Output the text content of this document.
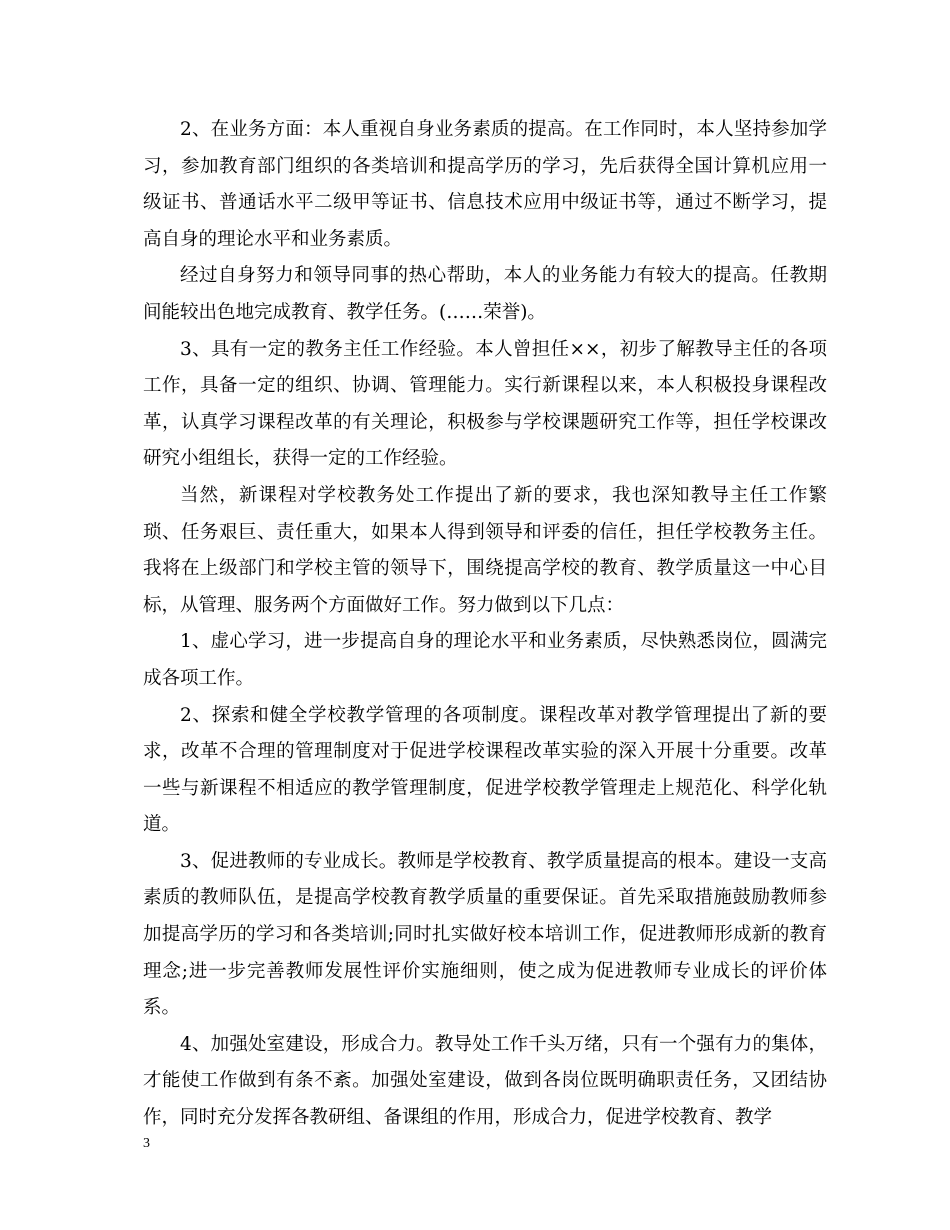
2、在业务方面：本人重视自身业务素质的提高。在工作同时，本人坚持参加学习，参加教育部门组织的各类培训和提高学历的学习，先后获得全国计算机应用一级证书、普通话水平二级甲等证书、信息技术应用中级证书等，通过不断学习，提高自身的理论水平和业务素质。

经过自身努力和领导同事的热心帮助，本人的业务能力有较大的提高。任教期间能较出色地完成教育、教学任务。(……荣誉)。

3、具有一定的教务主任工作经验。本人曾担任××，初步了解教导主任的各项工作，具备一定的组织、协调、管理能力。实行新课程以来，本人积极投身课程改革，认真学习课程改革的有关理论，积极参与学校课题研究工作等，担任学校课改研究小组组长，获得一定的工作经验。

当然，新课程对学校教务处工作提出了新的要求，我也深知教导主任工作繁琐、任务艰巨、责任重大，如果本人得到领导和评委的信任，担任学校教务主任。我将在上级部门和学校主管的领导下，围绕提高学校的教育、教学质量这一中心目标，从管理、服务两个方面做好工作。努力做到以下几点：

1、虚心学习，进一步提高自身的理论水平和业务素质，尽快熟悉岗位，圆满完成各项工作。

2、探索和健全学校教学管理的各项制度。课程改革对教学管理提出了新的要求，改革不合理的管理制度对于促进学校课程改革实验的深入开展十分重要。改革一些与新课程不相适应的教学管理制度，促进学校教学管理走上规范化、科学化轨道。

3、促进教师的专业成长。教师是学校教育、教学质量提高的根本。建设一支高素质的教师队伍，是提高学校教育教学质量的重要保证。首先采取措施鼓励教师参加提高学历的学习和各类培训;同时扎实做好校本培训工作，促进教师形成新的教育理念;进一步完善教师发展性评价实施细则，使之成为促进教师专业成长的评价体系。

4、加强处室建设，形成合力。教导处工作千头万绪，只有一个强有力的集体，才能使工作做到有条不紊。加强处室建设，做到各岗位既明确职责任务，又团结协作，同时充分发挥各教研组、备课组的作用，形成合力，促进学校教育、教学

3
